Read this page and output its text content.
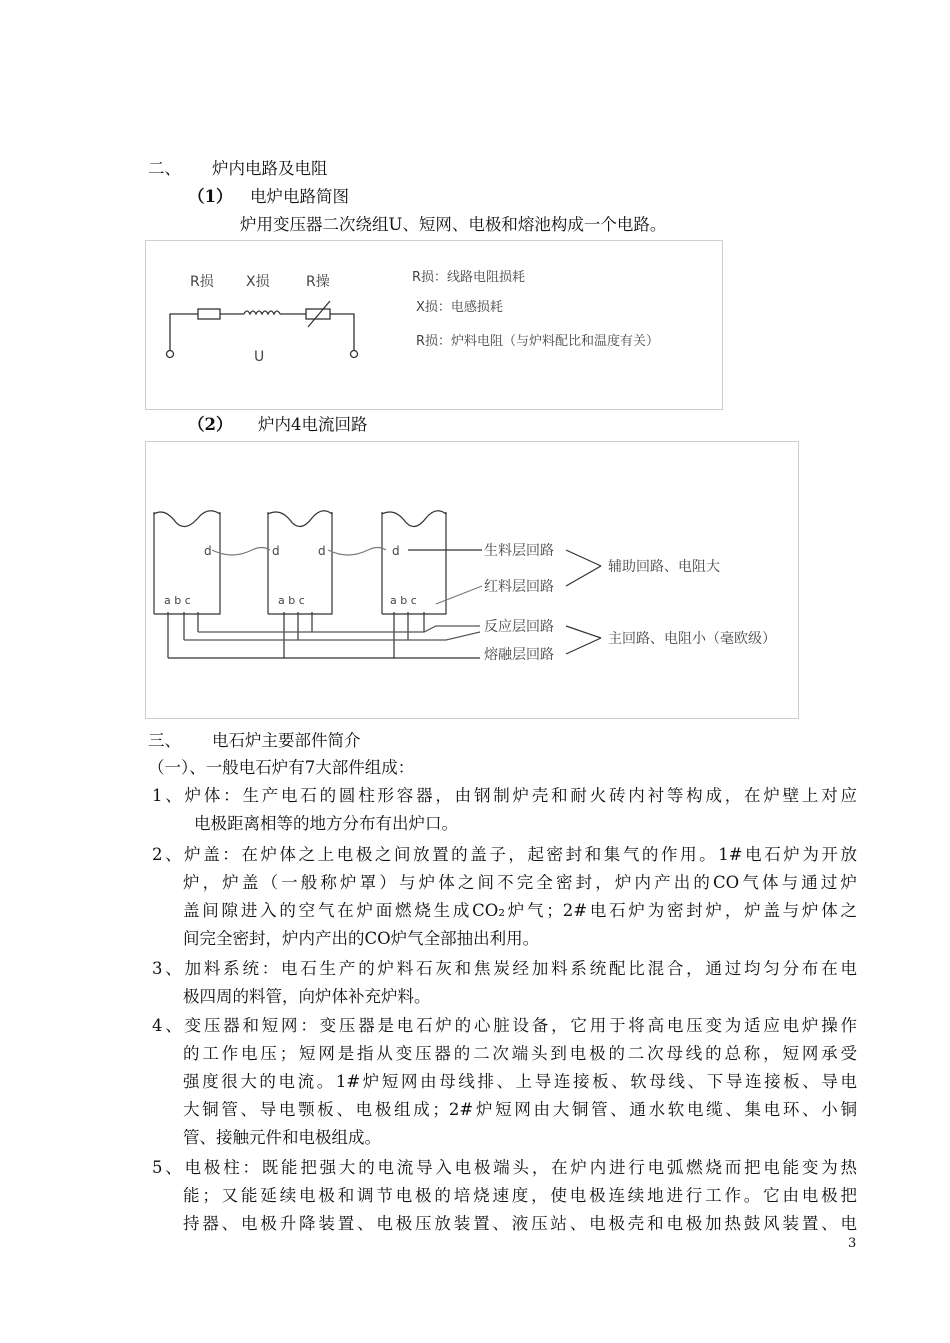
二、 炉内电路及电阻
（1） 电炉电路简图
炉用变压器二次绕组U、短网、电极和熔池构成一个电路。
R损 X损	R操
U
R损：线路电阻损耗
X损：电感损耗
R损：炉料电阻（与炉料配比和温度有关）
（2） 炉内4电流回路
d	d	d	d
a b c	a b c	a b c
生料层回路
红料层回路
反应层回路
熔融层回路
辅助回路、电阻大
主回路、电阻小（毫欧级）
三、 电石炉主要部件简介
（一）、一般电石炉有7大部件组成：
1、炉体：生产电石的圆柱形容器，由钢制炉壳和耐火砖内衬等构成，在炉壁上对应
电极距离相等的地方分布有出炉口。
2、炉盖：在炉体之上电极之间放置的盖子，起密封和集气的作用。1#电石炉为开放
炉，炉盖（一般称炉罩）与炉体之间不完全密封，炉内产出的CO气体与通过炉
盖间隙进入的空气在炉面燃烧生成CO₂炉气；2#电石炉为密封炉，炉盖与炉体之
间完全密封，炉内产出的CO炉气全部抽出利用。
3、加料系统：电石生产的炉料石灰和焦炭经加料系统配比混合，通过均匀分布在电
极四周的料管，向炉体补充炉料。
4、变压器和短网：变压器是电石炉的心脏设备，它用于将高电压变为适应电炉操作
的工作电压；短网是指从变压器的二次端头到电极的二次母线的总称，短网承受
强度很大的电流。1#炉短网由母线排、上导连接板、软母线、下导连接板、导电
大铜管、导电颚板、电极组成；2#炉短网由大铜管、通水软电缆、集电环、小铜
管、接触元件和电极组成。
5、电极柱：既能把强大的电流导入电极端头，在炉内进行电弧燃烧而把电能变为热
能；又能延续电极和调节电极的培烧速度，使电极连续地进行工作。它由电极把
持器、电极升降装置、电极压放装置、液压站、电极壳和电极加热鼓风装置、电
3
